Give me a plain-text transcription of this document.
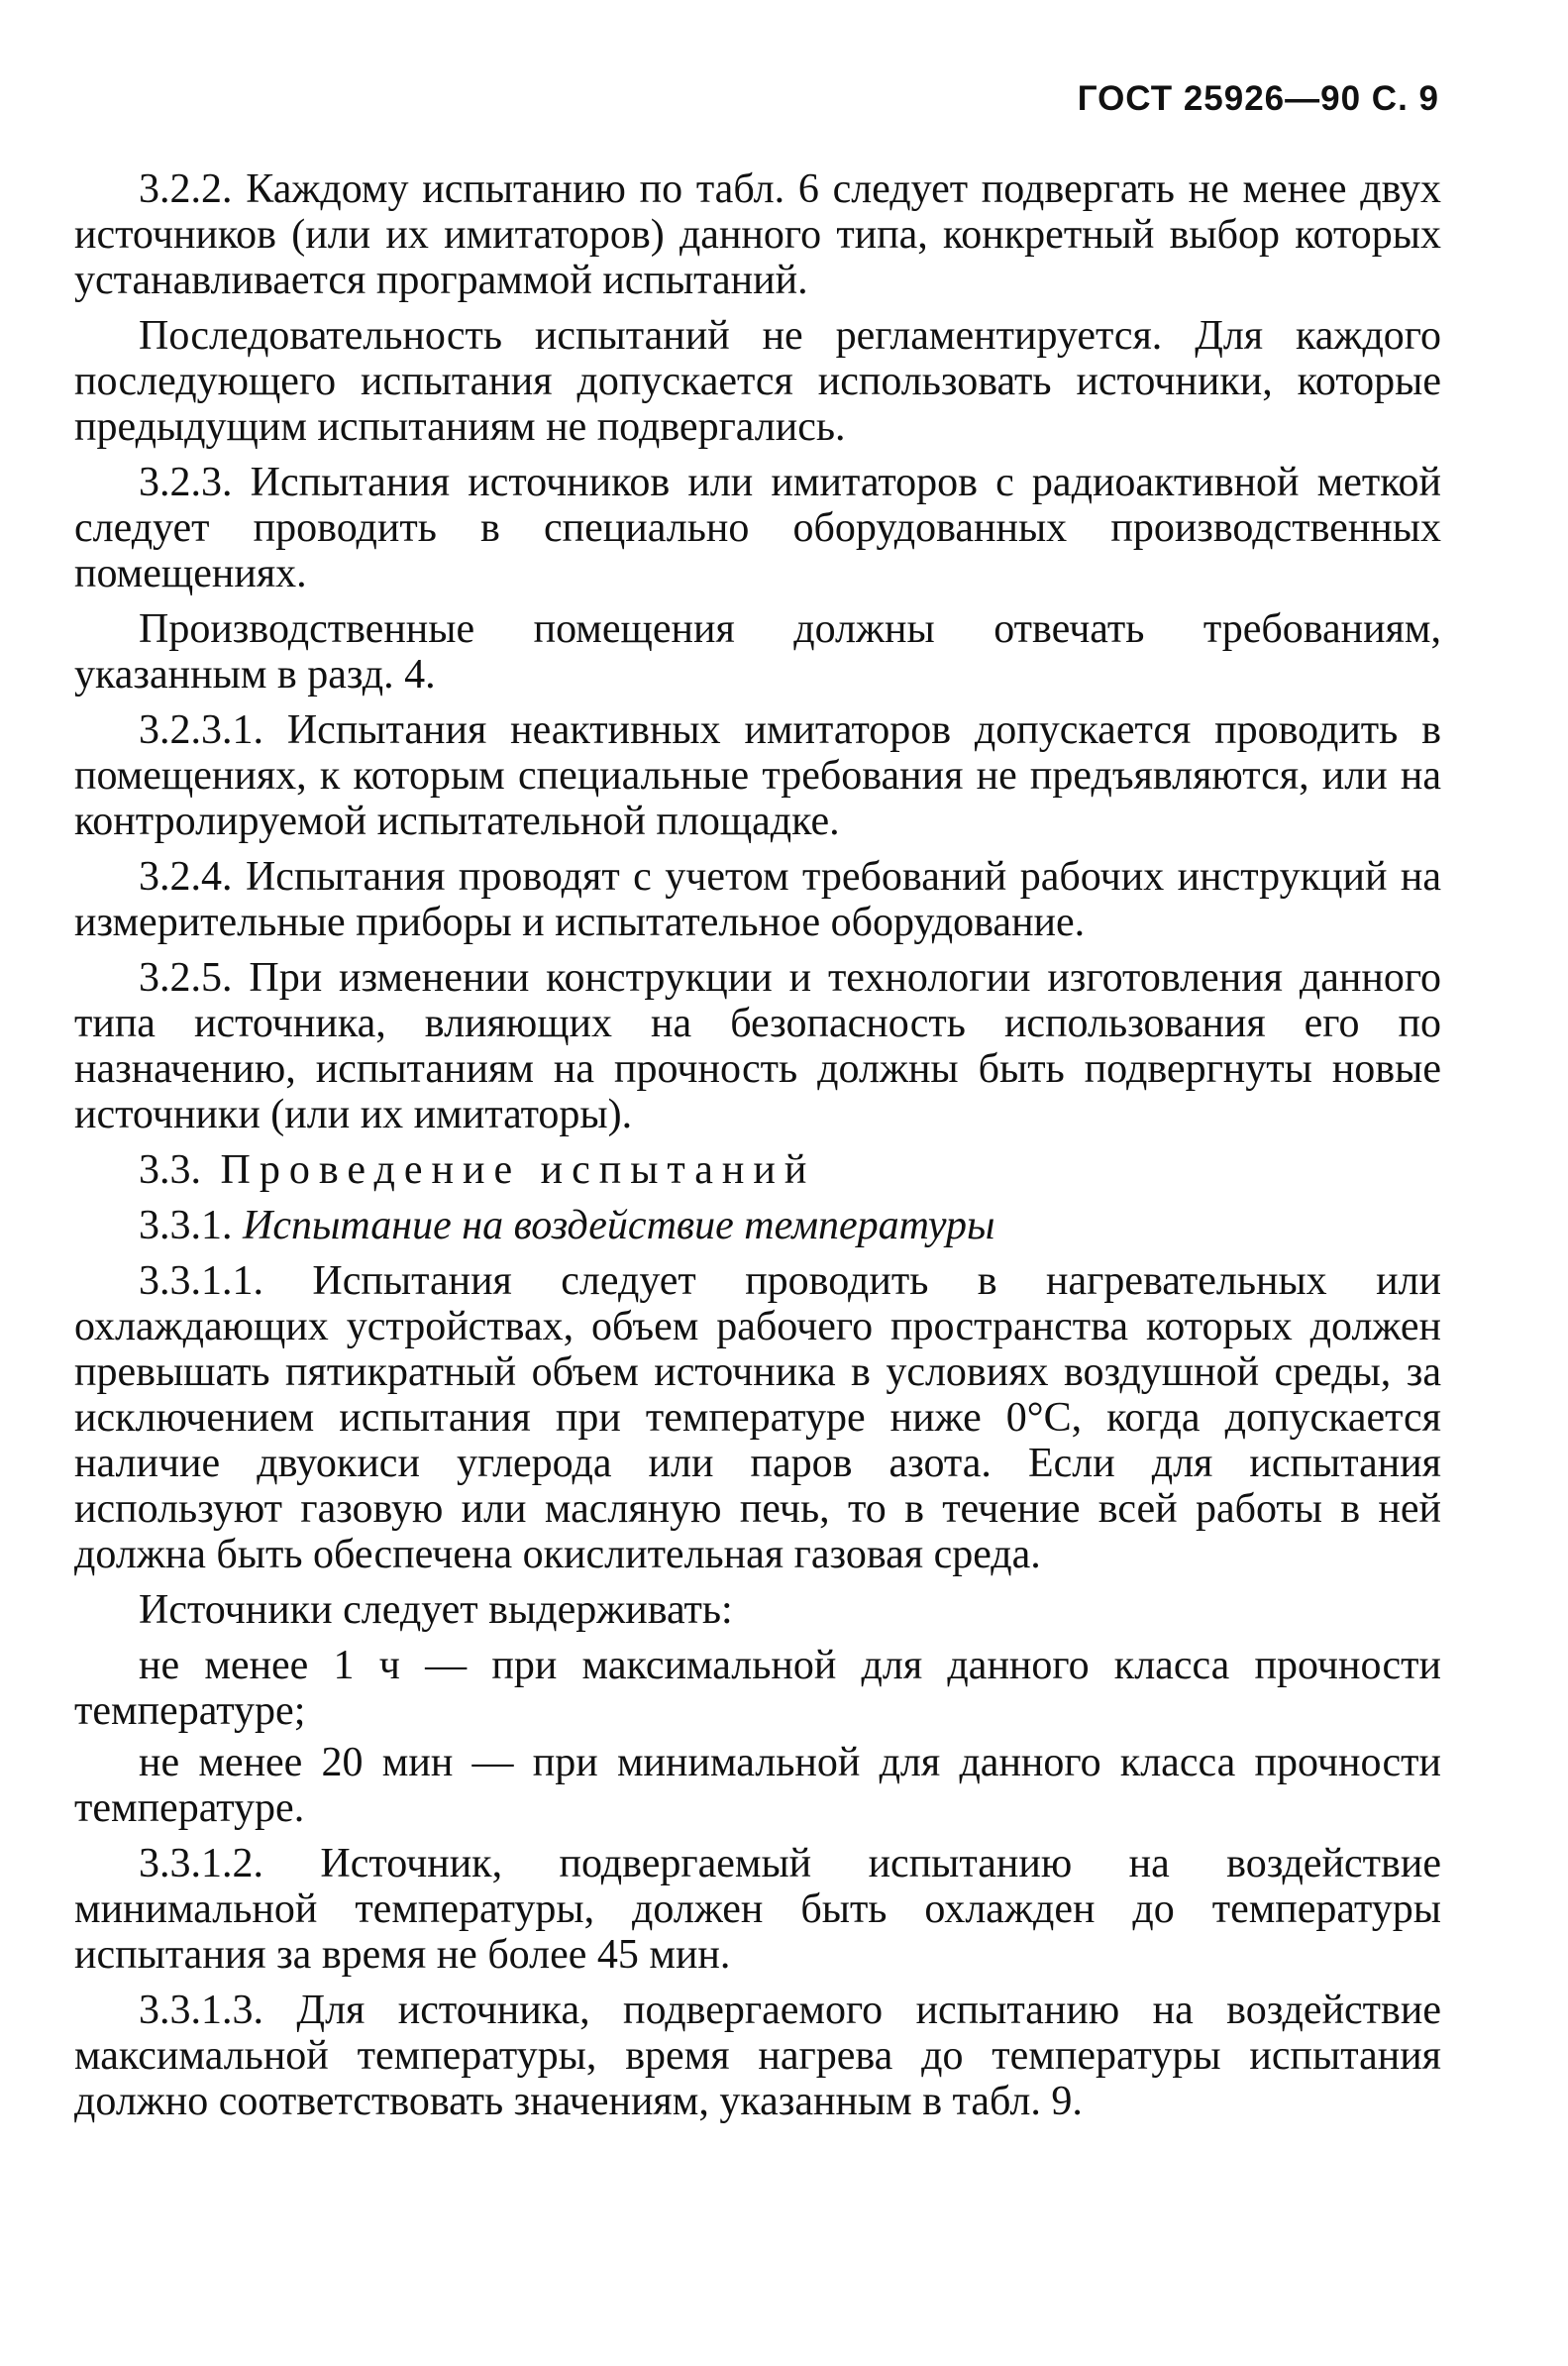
ГОСТ 25926—90 С. 9

3.2.2. Каждому испытанию по табл. 6 следует подвергать не менее двух источников (или их имитаторов) данного типа, конкретный выбор которых устанавливается программой испытаний.

Последовательность испытаний не регламентируется. Для каждого последующего испытания допускается использовать источники, которые предыдущим испытаниям не подвергались.

3.2.3. Испытания источников или имитаторов с радиоактивной меткой следует проводить в специально оборудованных производственных помещениях.

Производственные помещения должны отвечать требованиям, указанным в разд. 4.

3.2.3.1. Испытания неактивных имитаторов допускается проводить в помещениях, к которым специальные требования не предъявляются, или на контролируемой испытательной площадке.

3.2.4. Испытания проводят с учетом требований рабочих инструкций на измерительные приборы и испытательное оборудование.

3.2.5. При изменении конструкции и технологии изготовления данного типа источника, влияющих на безопасность использования его по назначению, испытаниям на прочность должны быть подвергнуты новые источники (или их имитаторы).

3.3. Проведение испытаний

3.3.1. Испытание на воздействие температуры

3.3.1.1. Испытания следует проводить в нагревательных или охлаждающих устройствах, объем рабочего пространства которых должен превышать пятикратный объем источника в условиях воздушной среды, за исключением испытания при температуре ниже 0°С, когда допускается наличие двуокиси углерода или паров азота. Если для испытания используют газовую или масляную печь, то в течение всей работы в ней должна быть обеспечена окислительная газовая среда.

Источники следует выдерживать:

не менее 1 ч — при максимальной для данного класса прочности температуре;

не менее 20 мин — при минимальной для данного класса прочности температуре.

3.3.1.2. Источник, подвергаемый испытанию на воздействие минимальной температуры, должен быть охлажден до температуры испытания за время не более 45 мин.

3.3.1.3. Для источника, подвергаемого испытанию на воздействие максимальной температуры, время нагрева до температуры испытания должно соответствовать значениям, указанным в табл. 9.
